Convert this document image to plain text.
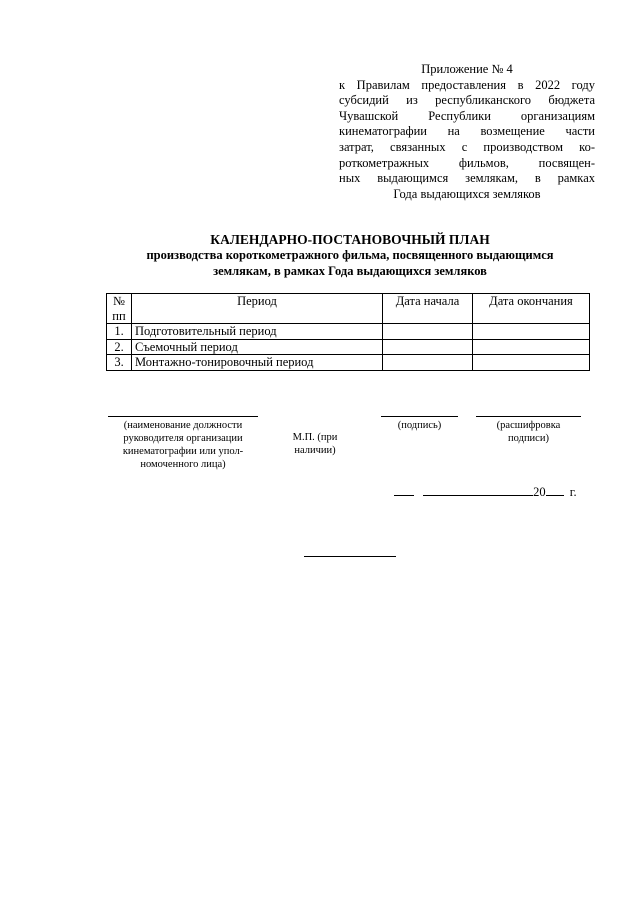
Приложение № 4
к Правилам предоставления в 2022 году
субсидий из республиканского бюджета
Чувашской Республики организациям
кинематографии на возмещение части
затрат, связанных с производством ко-
роткометражных фильмов, посвящен-
ных выдающимся землякам, в рамках
Года выдающихся земляков
КАЛЕНДАРНО-ПОСТАНОВОЧНЫЙ ПЛАН
производства короткометражного фильма, посвященного выдающимся
землякам, в рамках Года выдающихся земляков
№
пп	Период	Дата начала	Дата окончания
1.	Подготовительный период		
2.	Съемочный период		
3.	Монтажно-тонировочный период		
(наименование должности руководителя организации кинематографии или упол-номоченного лица)
М.П. (при наличии)
(подпись)	(расшифровка подписи)
20 г.
